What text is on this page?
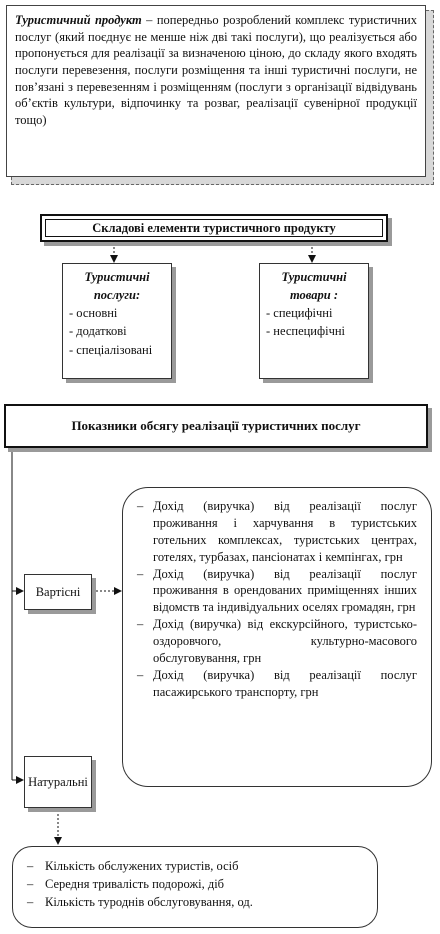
Туристичний продукт – попередньо розроблений комплекс туристичних послуг (який поєднує не менше ніж дві такі послуги), що реалізується або пропонується для реалізації за визначеною ціною, до складу якого входять послуги перевезення, послуги розміщення та інші туристичні послуги, не пов’язані з перевезенням і розміщенням (послуги з організації відвідувань об’єктів культури, відпочинку та розваг, реалізації сувенірної продукції тощо)
Складові елементи туристичного продукту
Туристичні послуги:
- основні
- додаткові
- спеціалізовані
Туристичні товари :
- специфічні
- неспецифічні
Показники обсягу реалізації туристичних послуг
Вартісні
Натуральні
– Дохід (виручка) від реалізації послуг проживання і харчування в туристських готельних комплексах, туристських центрах, готелях, турбазах, пансіонатах і кемпінгах, грн
– Дохід (виручка) від реалізації послуг проживання в орендованих приміщеннях інших відомств та індивідуальних оселях громадян, грн
– Дохід (виручка) від екскурсійного, туристсько-оздоровчого, культурно-масового обслуговування, грн
– Дохід (виручка) від реалізації послуг пасажирського транспорту, грн
– Кількість обслужених туристів, осіб
– Середня тривалість подорожі, діб
– Кількість туроднів обслуговування, од.
